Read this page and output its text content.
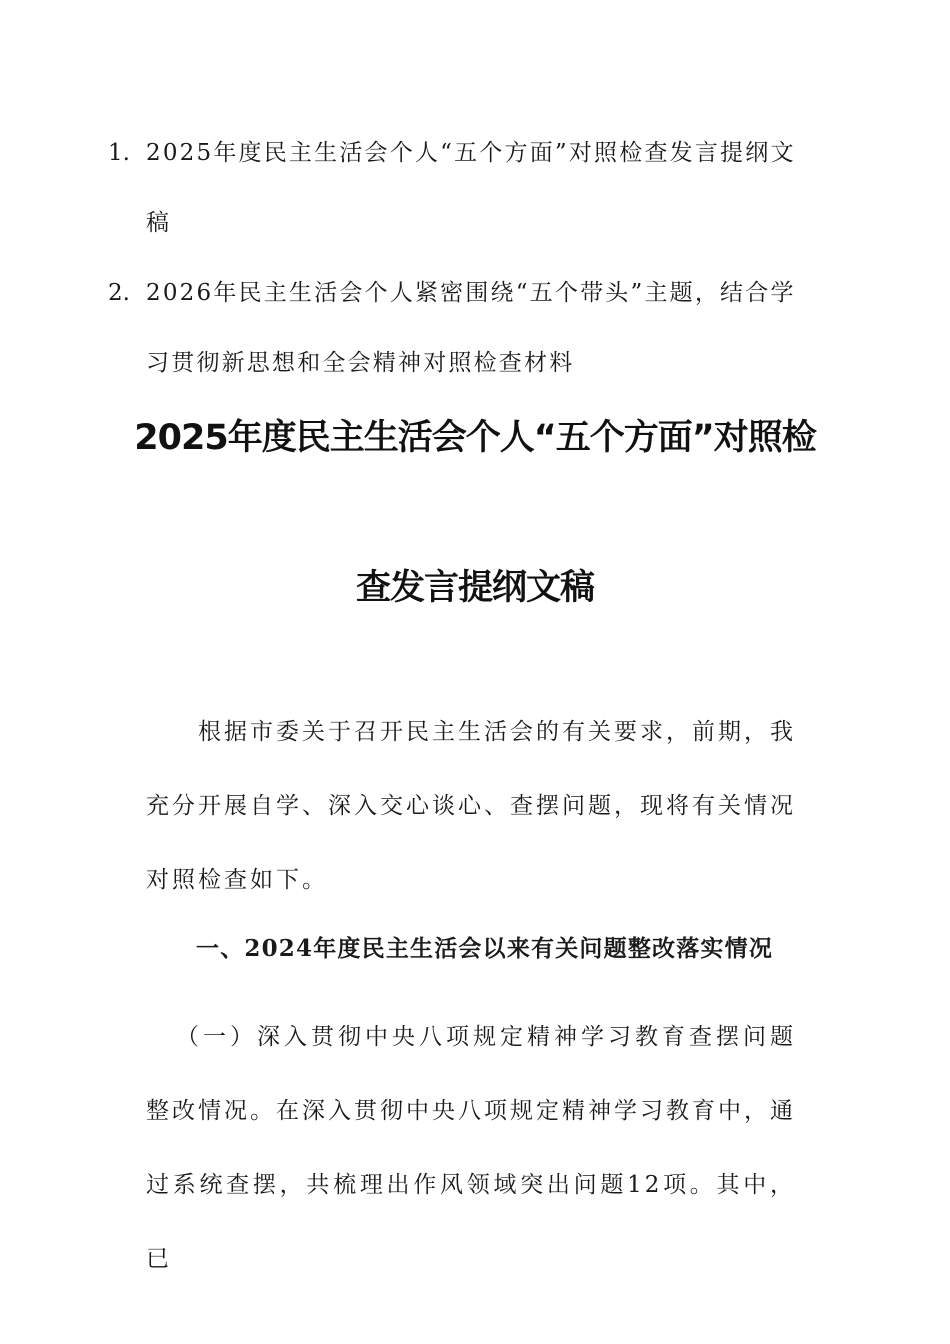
1. 2025年度民主生活会个人“五个方面”对照检查发言提纲文稿
2. 2026年民主生活会个人紧密围绕“五个带头”主题，结合学习贯彻新思想和全会精神对照检查材料
2025年度民主生活会个人“五个方面”对照检
查发言提纲文稿
根据市委关于召开民主生活会的有关要求，前期，我充分开展自学、深入交心谈心、查摆问题，现将有关情况对照检查如下。
一、2024年度民主生活会以来有关问题整改落实情况
（一）深入贯彻中央八项规定精神学习教育查摆问题整改情况。在深入贯彻中央八项规定精神学习教育中，通过系统查摆，共梳理出作风领域突出问题12项。其中，已
